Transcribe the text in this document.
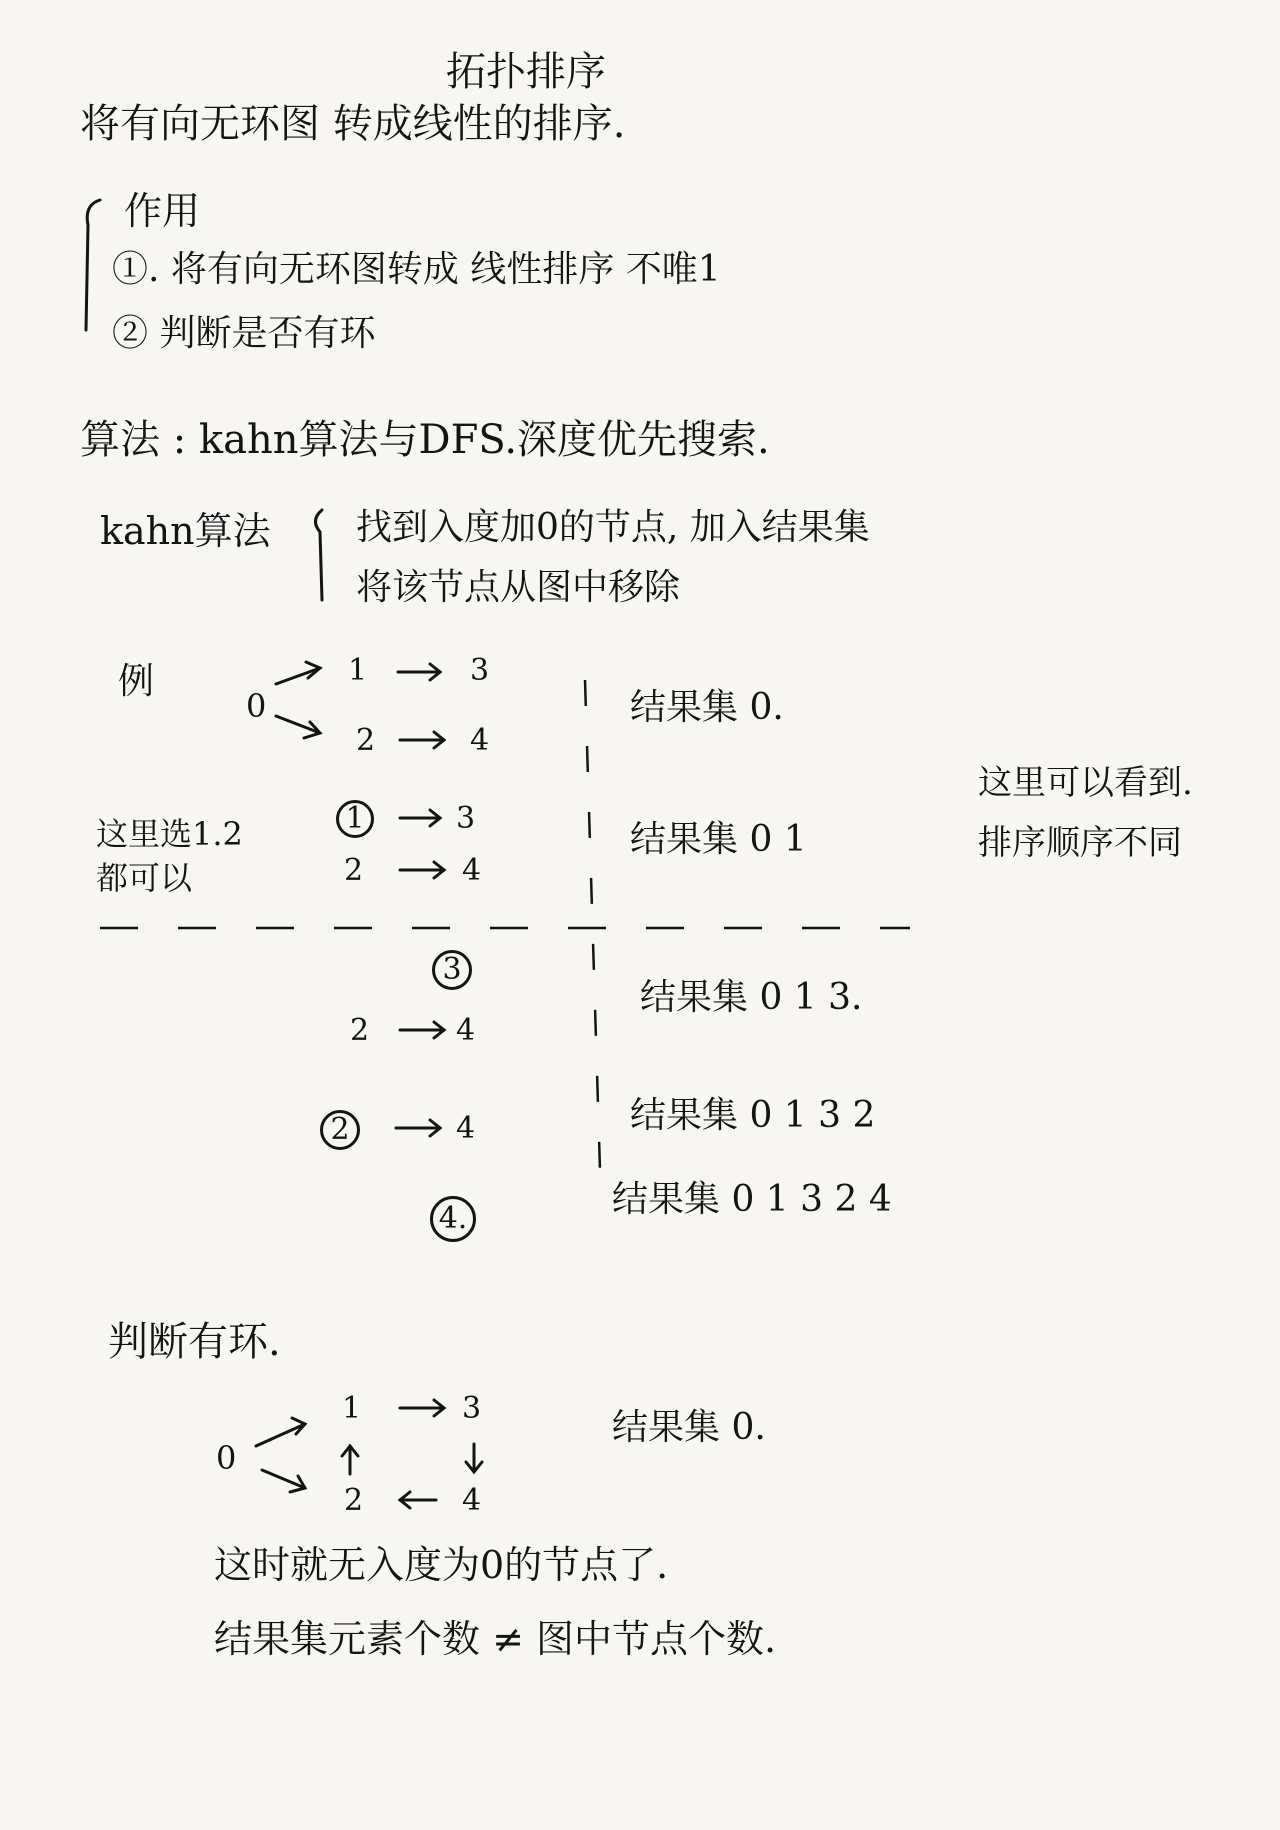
拓扑排序
将有向无环图 转成线性的排序.
作用
①. 将有向无环图转成 线性排序 不唯1
② 判断是否有环
算法 : kahn算法与DFS.深度优先搜索.
kahn算法 找到入度加0的节点, 加入结果集
将该节点从图中移除
例
0
1	3
2	4
这里选1.2
都可以
这里可以看到.
排序顺序不同
1	3
2	4
3
2	4
2	4
4.
结果集 0.
结果集 0 1
结果集 0 1 3.
结果集 0 1 3 2
结果集 0 1 3 2 4
判断有环.
0
1	3
2	4
结果集 0.
这时就无入度为0的节点了.
结果集元素个数 ≠ 图中节点个数.
